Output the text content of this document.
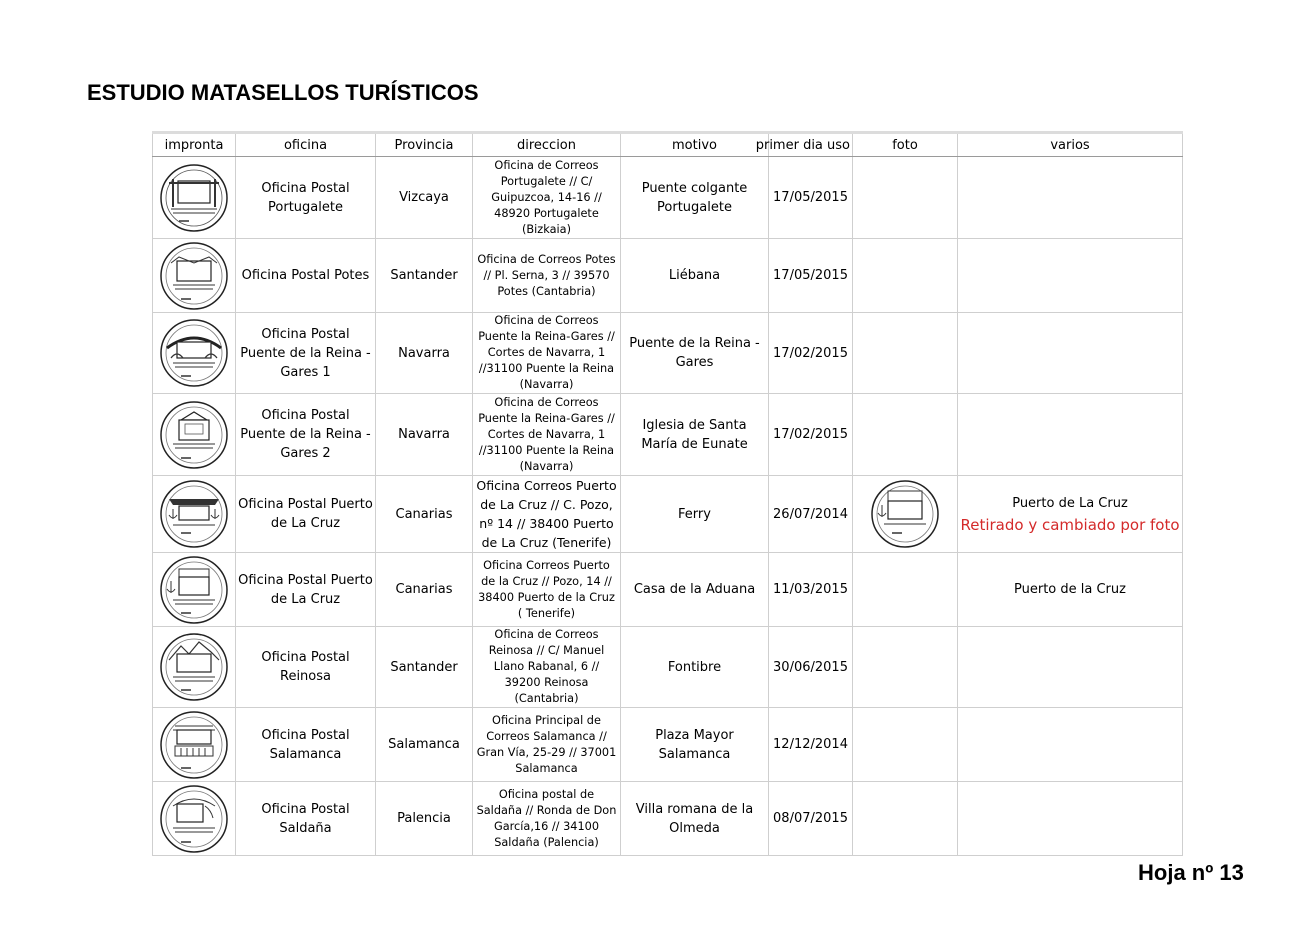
ESTUDIO MATASELLOS TURÍSTICOS
impronta	oficina	Provincia	direccion	motivo	primer dia uso	foto	varios

	Oficina Postal Portugalete	Vizcaya	Oficina de Correos Portugalete // C/ Guipuzcoa, 14-16 // 48920 Portugalete (Bizkaia)	Puente colgante Portugalete	17/05/2015		

	Oficina Postal Potes	Santander	Oficina de Correos Potes // Pl. Serna, 3 // 39570 Potes (Cantabria)	Liébana	17/05/2015		

	Oficina Postal Puente de la Reina - Gares 1	Navarra	Oficina de Correos Puente la Reina-Gares // Cortes de Navarra, 1 //31100 Puente la Reina (Navarra)	Puente de la Reina - Gares	17/02/2015		

	Oficina Postal Puente de la Reina - Gares 2	Navarra	Oficina de Correos Puente la Reina-Gares // Cortes de Navarra, 1 //31100 Puente la Reina (Navarra)	Iglesia de Santa María de Eunate	17/02/2015		

	Oficina Postal Puerto de La Cruz	Canarias	Oficina Correos Puerto de La Cruz // C. Pozo, nº 14 // 38400 Puerto de La Cruz (Tenerife)	Ferry	26/07/2014		Puerto de La Cruz
Retirado y cambiado por foto

	Oficina Postal Puerto de La Cruz	Canarias	Oficina Correos Puerto de la Cruz // Pozo, 14 // 38400 Puerto de la Cruz ( Tenerife)	Casa de la Aduana	11/03/2015		Puerto de la Cruz

	Oficina Postal Reinosa	Santander	Oficina de Correos Reinosa // C/ Manuel Llano Rabanal, 6 // 39200 Reinosa (Cantabria)	Fontibre	30/06/2015		

	Oficina Postal Salamanca	Salamanca	Oficina Principal de Correos Salamanca // Gran Vía, 25-29 // 37001 Salamanca	Plaza Mayor Salamanca	12/12/2014		

	Oficina Postal Saldaña	Palencia	Oficina postal de Saldaña // Ronda de Don García,16 // 34100 Saldaña (Palencia)	Villa romana de la Olmeda	08/07/2015		

Hoja nº 13
